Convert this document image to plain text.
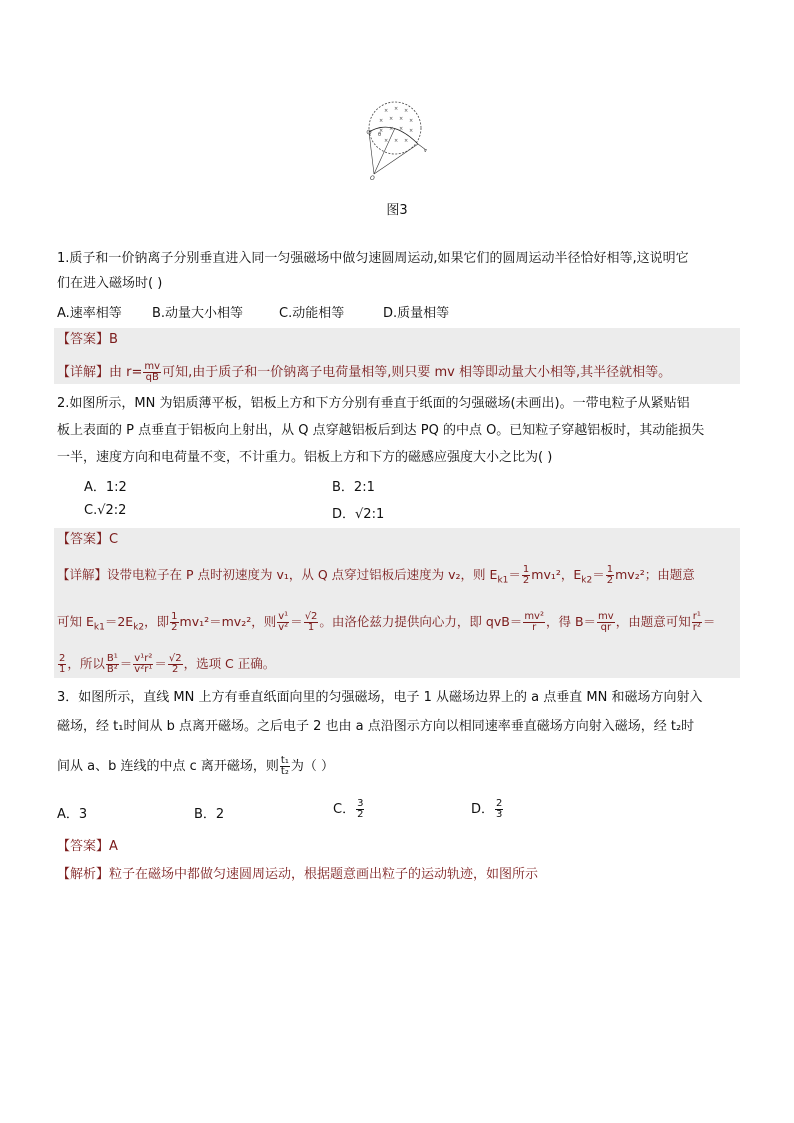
× × ×
× × × ×
× × × ×
× × ×
θ
O
v
图3
1.质子和一价钠离子分别垂直进入同一匀强磁场中做匀速圆周运动,如果它们的圆周运动半径恰好相等,这说明它
们在进入磁场时( )
A.速率相等 B.动量大小相等	C.动能相等	D.质量相等
【答案】B
【详解】由 $r= \frac{mv}{qB}$ 可知,由于质子和一价钠离子电荷量相等,则只要 mv 相等即动量大小相等,其半径就相等。
2.如图所示，MN 为铝质薄平板，铝板上方和下方分别有垂直于纸面的匀强磁场(未画出)。一带电粒子从紧贴铝
板上表面的 P 点垂直于铝板向上射出，从 Q 点穿越铝板后到达 PQ 的中点 O。已知粒子穿越铝板时，其动能损失
一半，速度方向和电荷量不变，不计重力。铝板上方和下方的磁感应强度大小之比为( )
A．1:2	B．2:1
C.√2:2	D．√2:1
【答案】C
【详解】设带电粒子在 P 点时初速度为 v₁，从 Q 点穿过铝板后速度为 v₂，则 $E_{k1}= \frac{1}{2} mv_1^2$，$E_{k2}= \frac{1}{2} mv_2^2$；由题意
可知 $E_{k1}=2E_{k2}$，即 $\frac{1}{2} mv_1^2=mv_2^2$，则 $\frac{\text{v¹}}{\text{v²}} = \frac{√2}{1}$ 。由洛伦兹力提供向心力，即 $qvB= \frac{\text{mv²}}{r}$ ，得 $B= \frac{mv}{qr}$ ，由题意可知 $\frac{\text{r¹}}{\text{r²}}$ ＝
$\frac{2}{1}$ ，所以 $\frac{\text{B¹}}{\text{B²}} = \frac{\text{v¹r²}}{\text{v²r¹}} = \frac{√2}{2}$ ，选项 C 正确。
3．如图所示，直线 MN 上方有垂直纸面向里的匀强磁场，电子 1 从磁场边界上的 a 点垂直 MN 和磁场方向射入
磁场，经 t₁时间从 b 点离开磁场。之后电子 2 也由 a 点沿图示方向以相同速率垂直磁场方向射入磁场，经 t₂时
间从 a、b 连线的中点 c 离开磁场，则 $\frac{\text{t₁}}{\text{t₂}}$ 为（ ）
A．3	B．2	C． $\frac{3}{2}$	D． $\frac{2}{3}$
【答案】A
【解析】粒子在磁场中都做匀速圆周运动，根据题意画出粒子的运动轨迹，如图所示
